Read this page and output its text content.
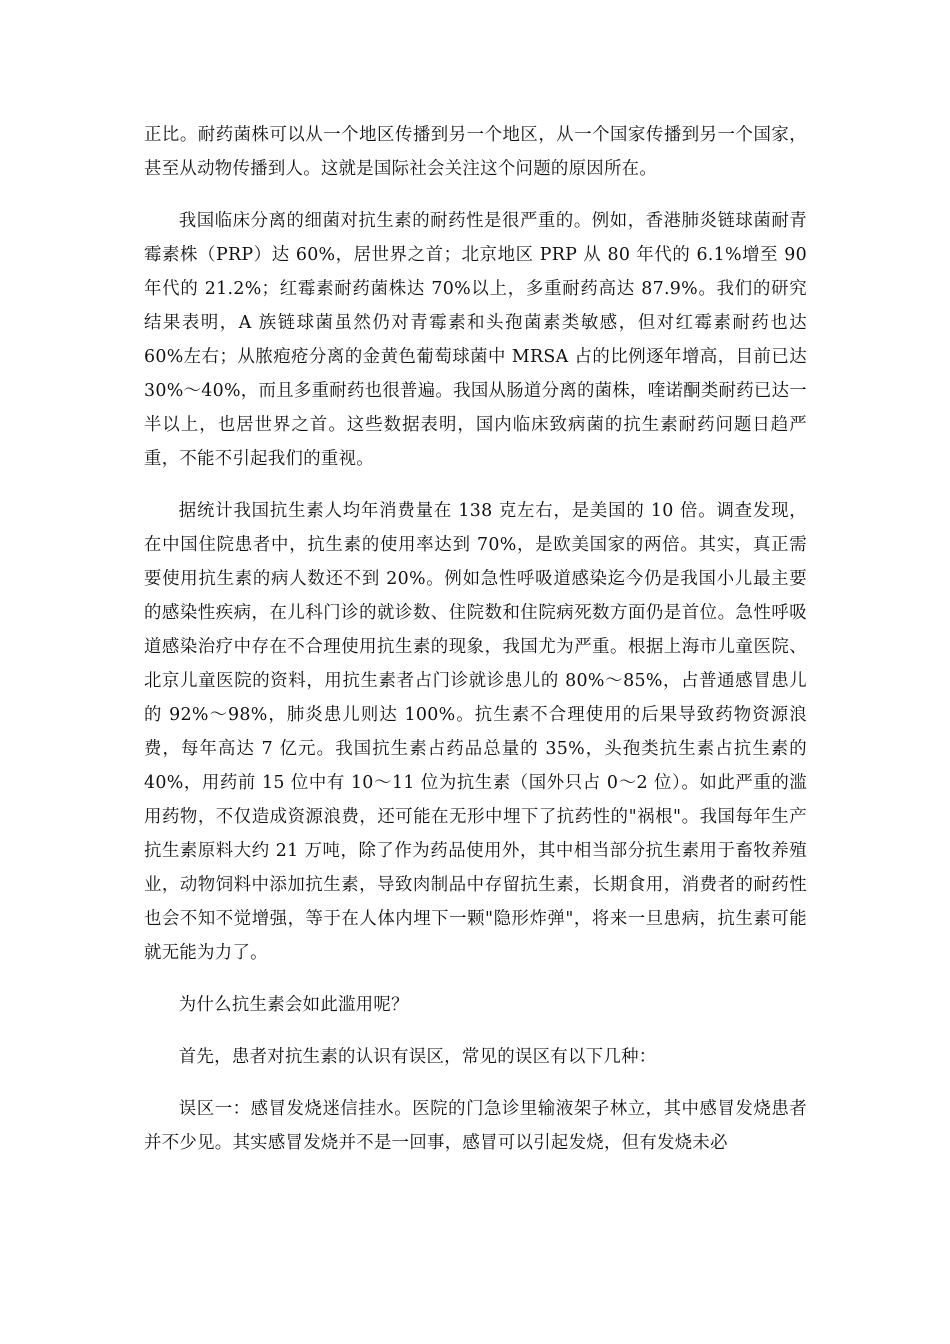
正比。耐药菌株可以从一个地区传播到另一个地区，从一个国家传播到另一个国家，甚至从动物传播到人。这就是国际社会关注这个问题的原因所在。

我国临床分离的细菌对抗生素的耐药性是很严重的。例如，香港肺炎链球菌耐青霉素株（PRP）达 60%，居世界之首；北京地区 PRP 从 80 年代的 6.1%增至 90 年代的 21.2%；红霉素耐药菌株达 70%以上，多重耐药高达 87.9%。我们的研究结果表明，A 族链球菌虽然仍对青霉素和头孢菌素类敏感，但对红霉素耐药也达 60%左右；从脓疱疮分离的金黄色葡萄球菌中 MRSA 占的比例逐年增高，目前已达 30%～40%，而且多重耐药也很普遍。我国从肠道分离的菌株，喹诺酮类耐药已达一半以上，也居世界之首。这些数据表明，国内临床致病菌的抗生素耐药问题日趋严重，不能不引起我们的重视。

据统计我国抗生素人均年消费量在 138 克左右，是美国的 10 倍。调查发现，在中国住院患者中，抗生素的使用率达到 70%，是欧美国家的两倍。其实，真正需要使用抗生素的病人数还不到 20%。例如急性呼吸道感染迄今仍是我国小儿最主要的感染性疾病，在儿科门诊的就诊数、住院数和住院病死数方面仍是首位。急性呼吸道感染治疗中存在不合理使用抗生素的现象，我国尤为严重。根据上海市儿童医院、北京儿童医院的资料，用抗生素者占门诊就诊患儿的 80%～85%，占普通感冒患儿的 92%～98%，肺炎患儿则达 100%。抗生素不合理使用的后果导致药物资源浪费，每年高达 7 亿元。我国抗生素占药品总量的 35%，头孢类抗生素占抗生素的 40%，用药前 15 位中有 10～11 位为抗生素（国外只占 0～2 位）。如此严重的滥用药物，不仅造成资源浪费，还可能在无形中埋下了抗药性的"祸根"。我国每年生产抗生素原料大约 21 万吨，除了作为药品使用外，其中相当部分抗生素用于畜牧养殖业，动物饲料中添加抗生素，导致肉制品中存留抗生素，长期食用，消费者的耐药性也会不知不觉增强，等于在人体内埋下一颗"隐形炸弹"，将来一旦患病，抗生素可能就无能为力了。

为什么抗生素会如此滥用呢？

首先，患者对抗生素的认识有误区，常见的误区有以下几种：

误区一：感冒发烧迷信挂水。医院的门急诊里输液架子林立，其中感冒发烧患者并不少见。其实感冒发烧并不是一回事，感冒可以引起发烧，但有发烧未必
